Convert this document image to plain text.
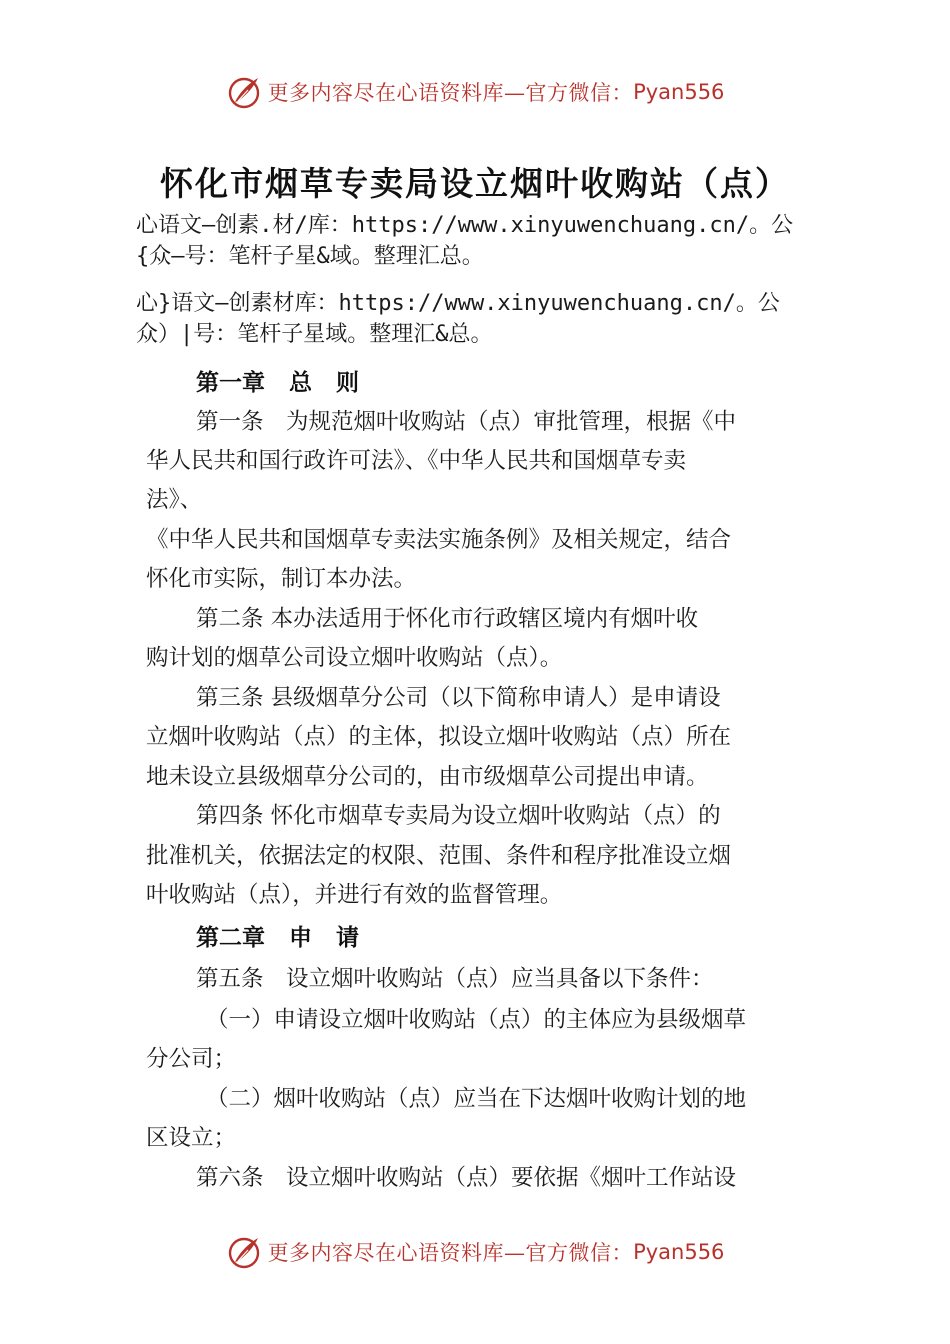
更多内容尽在心语资料库—官方微信： Pyan556
怀化市烟草专卖局设立烟叶收购站（点）
心语文—创素.材/库：https://www.xinyuwenchuang.cn/。公
{众—号：笔杆子星&域。整理汇总。
心}语文—创素材库：https://www.xinyuwenchuang.cn/。公
众）|号：笔杆子星域。整理汇&总。
第一章 总 则
第一条　为规范烟叶收购站（点）审批管理，根据《中
华人民共和国行政许可法》、《中华人民共和国烟草专卖
法》、
《中华人民共和国烟草专卖法实施条例》及相关规定，结合
怀化市实际，制订本办法。
第二条 本办法适用于怀化市行政辖区境内有烟叶收
购计划的烟草公司设立烟叶收购站（点）。
第三条 县级烟草分公司（以下简称申请人）是申请设
立烟叶收购站（点）的主体，拟设立烟叶收购站（点）所在
地未设立县级烟草分公司的，由市级烟草公司提出申请。
第四条 怀化市烟草专卖局为设立烟叶收购站（点）的
批准机关，依据法定的权限、范围、条件和程序批准设立烟
叶收购站（点），并进行有效的监督管理。
第二章 申 请
第五条　设立烟叶收购站（点）应当具备以下条件：
（一）申请设立烟叶收购站（点）的主体应为县级烟草
分公司；
（二）烟叶收购站（点）应当在下达烟叶收购计划的地
区设立；
第六条　设立烟叶收购站（点）要依据《烟叶工作站设
更多内容尽在心语资料库—官方微信： Pyan556
